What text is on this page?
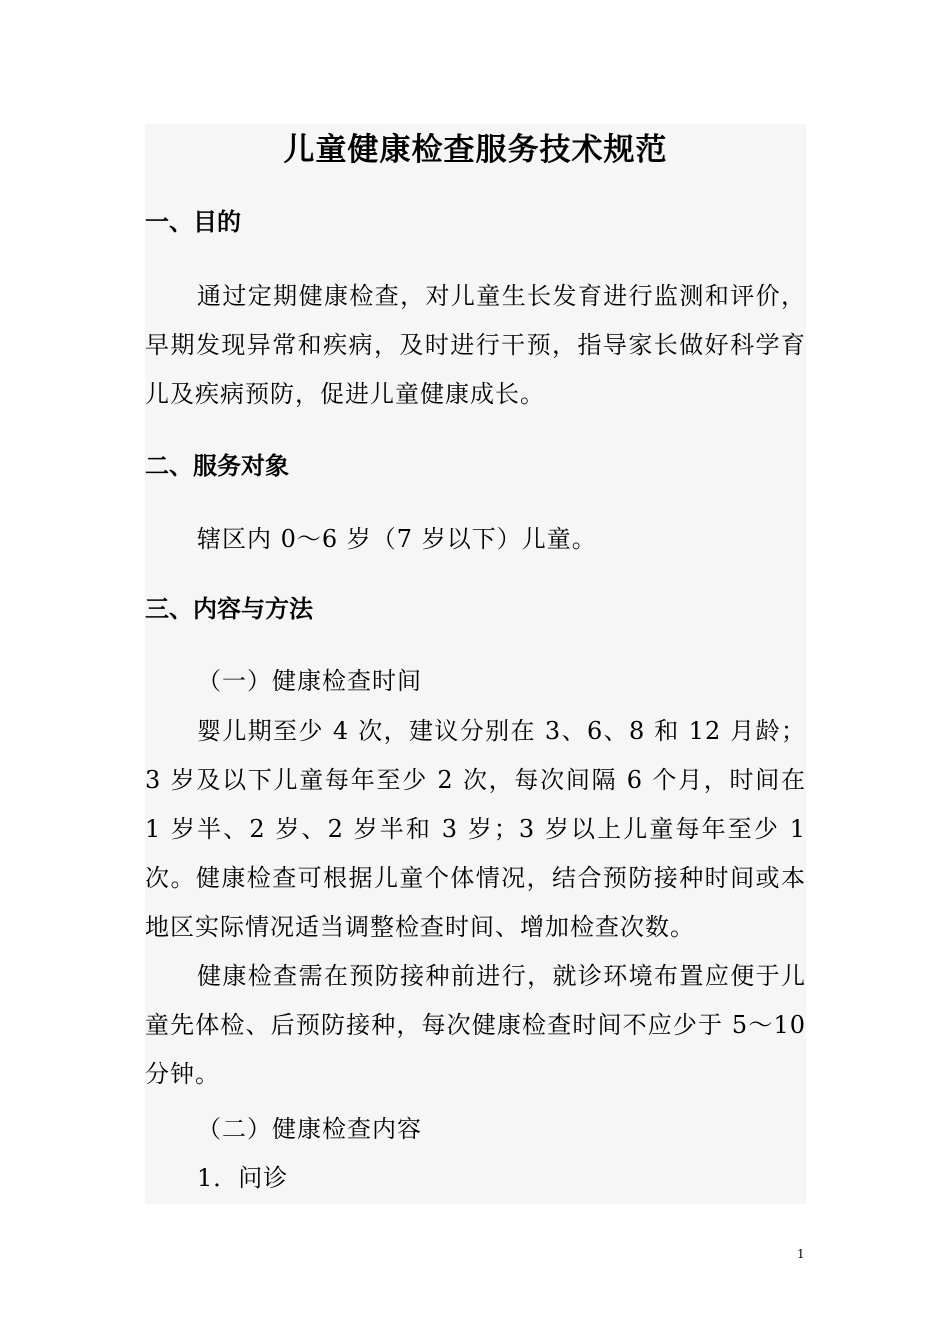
儿童健康检查服务技术规范
一、目的

通过定期健康检查，对儿童生长发育进行监测和评价，早期发现异常和疾病，及时进行干预，指导家长做好科学育儿及疾病预防，促进儿童健康成长。

二、服务对象

辖区内 0～6 岁（7 岁以下）儿童。

三、内容与方法

（一）健康检查时间

婴儿期至少 4 次，建议分别在 3、6、8 和 12 月龄；3 岁及以下儿童每年至少 2 次，每次间隔 6 个月，时间在 1 岁半、2 岁、2 岁半和 3 岁；3 岁以上儿童每年至少 1 次。健康检查可根据儿童个体情况，结合预防接种时间或本地区实际情况适当调整检查时间、增加检查次数。

健康检查需在预防接种前进行，就诊环境布置应便于儿童先体检、后预防接种，每次健康检查时间不应少于 5～10 分钟。

（二）健康检查内容

1．问诊

1
